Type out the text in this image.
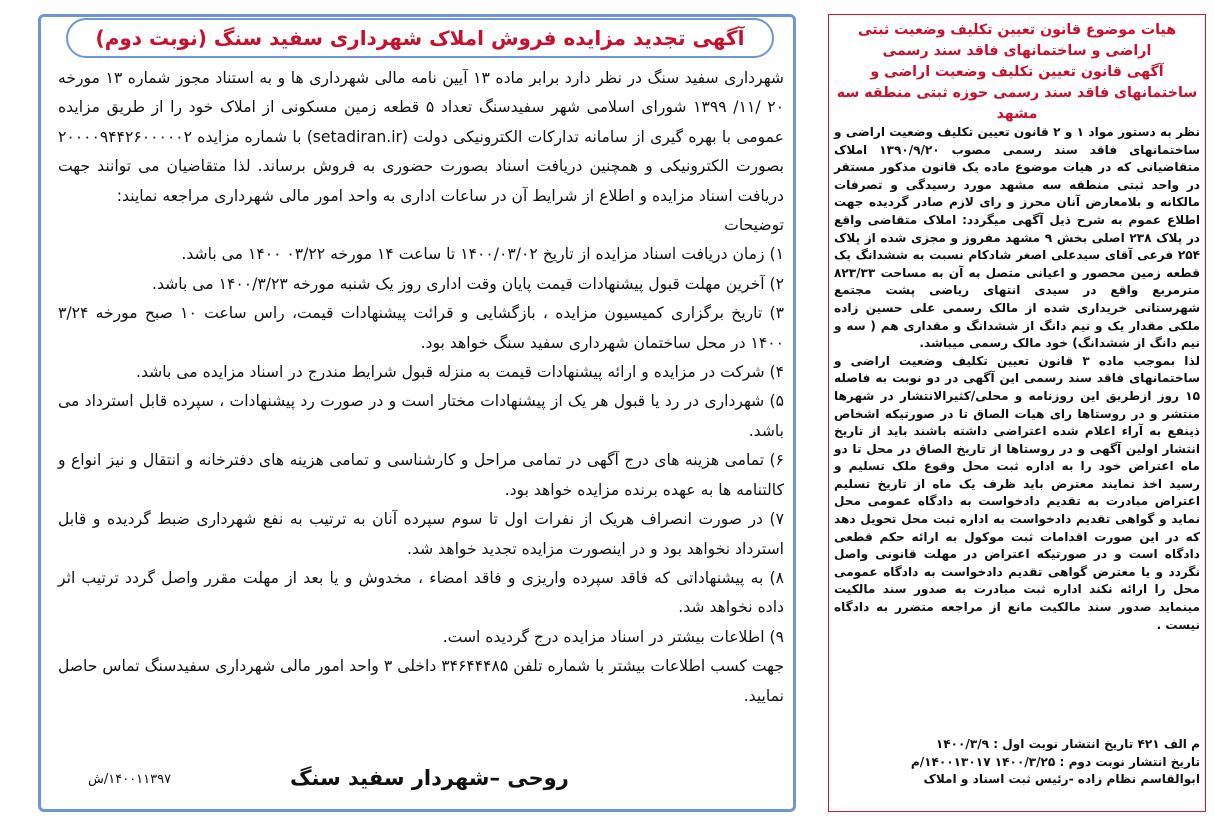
آگهی تجدید مزایده فروش املاک شهرداری سفید سنگ (نوبت دوم)

شهرداری سفید سنگ در نظر دارد برابر ماده ۱۳ آیین نامه مالی شهرداری ها و به استناد مجوز شماره ۱۳ مورخه ۲۰ /۱۱/ ۱۳۹۹ شورای اسلامی شهر سفیدسنگ تعداد ۵ قطعه زمین مسکونی از املاک خود را از طریق مزایده عمومی با بهره گیری از سامانه تدارکات الکترونیکی دولت (setadiran.ir) با شماره مزایده ۲۰۰۰۰۹۴۴۲۶۰۰۰۰۰۲ بصورت الکترونیکی و همچنین دریافت اسناد بصورت حضوری به فروش برساند. لذا متقاضیان می توانند جهت دریافت اسناد مزایده و اطلاع از شرایط آن در ساعات اداری به واحد امور مالی شهرداری مراجعه نمایند:

توضیحات

۱) زمان دریافت اسناد مزایده از تاریخ ۱۴۰۰/۰۳/۰۲ تا ساعت ۱۴ مورخه ۰۳/۲۲ ۱۴۰۰ می باشد.

۲) آخرین مهلت قبول پیشنهادات قیمت پایان وقت اداری روز یک شنبه مورخه ۱۴۰۰/۳/۲۳ می باشد.

۳) تاریخ برگزاری کمیسیون مزایده ، بازگشایی و قرائت پیشنهادات قیمت، راس ساعت ۱۰ صبح مورخه ۳/۲۴ ۱۴۰۰ در محل ساختمان شهرداری سفید سنگ خواهد بود.

۴) شرکت در مزایده و ارائه پیشنهادات قیمت به منزله قبول شرایط مندرج در اسناد مزایده می باشد.

۵) شهرداری در رد یا قبول هر یک از پیشنهادات مختار است و در صورت رد پیشنهادات ، سپرده قابل استرداد می باشد.

۶) تمامی هزینه های درج آگهی در تمامی مراحل و کارشناسی و تمامی هزینه های دفترخانه و انتقال و نیز انواع و کالتنامه ها به عهده برنده مزایده خواهد بود.

۷) در صورت انصراف هریک از نفرات اول تا سوم سپرده آنان به ترتیب به نفع شهرداری ضبط گردیده و قابل استرداد نخواهد بود و در اینصورت مزایده تجدید خواهد شد.

۸) به پیشنهاداتی که فاقد سپرده واریزی و فاقد امضاء ، مخدوش و یا بعد از مهلت مقرر واصل گردد ترتیب اثر داده نخواهد شد.

۹) اطلاعات بیشتر در اسناد مزایده درج گردیده است.

جهت کسب اطلاعات بیشتر با شماره تلفن ۳۴۶۴۴۴۸۵ داخلی ۳ واحد امور مالی شهرداری سفیدسنگ تماس حاصل نمایید.

روحی –شهردار سفید سنگ
۱۴۰۰۱۱۳۹۷/ش

هیات موضوع قانون تعیین تکلیف وضعیت ثبتی اراضی و ساختمانهای فاقد سند رسمی

آگهی قانون تعیین تکلیف وضعیت اراضی و ساختمانهای فاقد سند رسمی حوزه ثبتی منطقه سه مشهد

نظر به دستور مواد ۱ و ۲ قانون تعیین تکلیف وضعیت اراضی و ساختمانهای فاقد سند رسمی مصوب ۱۳۹۰/۹/۲۰ املاک متقاضیانی که در هیات موضوع ماده یک قانون مذکور مستقر در واحد ثبتی منطقه سه مشهد مورد رسیدگی و تصرفات مالکانه و بلامعارض آنان محرز و رای لازم صادر گردیده جهت اطلاع عموم به شرح ذیل آگهی میگردد: املاک متقاضی واقع در پلاک ۲۳۸ اصلی بخش ۹ مشهد مفروز و مجزی شده از پلاک ۲۵۴ فرعی آقای سیدعلی اصغر شادکام نسبت به ششدانگ یک قطعه زمین محصور و اعیانی متصل به آن به مساحت ۸۲۳/۳۳ مترمربع واقع در سیدی انتهای ریاضی پشت مجتمع شهرستانی خریداری شده از مالک رسمی علی حسین زاده ملکی مقدار یک و نیم دانگ از ششدانگ و مقداری هم ( سه و نیم دانگ از ششدانگ) خود مالک رسمی میباشد.

لذا بموجب ماده ۳ قانون تعیین تکلیف وضعیت اراضی و ساختمانهای فاقد سند رسمی این آگهی در دو نوبت به فاصله ۱۵ روز ازطریق این روزنامه و محلی/کثیرالانتشار در شهرها منتشر و در روستاها رای هیات الصاق تا در صورتیکه اشخاص ذینفع به آراء اعلام شده اعتراضی داشته باشند باید از تاریخ انتشار اولین آگهی و در روستاها از تاریخ الصاق در محل تا دو ماه اعتراض خود را به اداره ثبت محل وقوع ملک تسلیم و رسید اخذ نمایند معترض باید ظرف یک ماه از تاریخ تسلیم اعتراض مبادرت به تقدیم دادخواست به دادگاه عمومی محل نماید و گواهی تقدیم دادخواست به اداره ثبت محل تحویل دهد که در این صورت اقدامات ثبت موکول به ارائه حکم قطعی دادگاه است و در صورتیکه اعتراض در مهلت قانونی واصل نگردد و یا معترض گواهی تقدیم دادخواست به دادگاه عمومی محل را ارائه نکند اداره ثبت مبادرت به صدور سند مالکیت مینماید صدور سند مالکیت مانع از مراجعه متضرر به دادگاه نیست .

م الف ۴۲۱ تاریخ انتشار نوبت اول : ۱۴۰۰/۳/۹

تاریخ انتشار نوبت دوم : ۱۴۰۰/۳/۲۵ ۱۴۰۰۱۳۰۱۷/م

ابوالقاسم نظام زاده -رئیس ثبت اسناد و املاک
